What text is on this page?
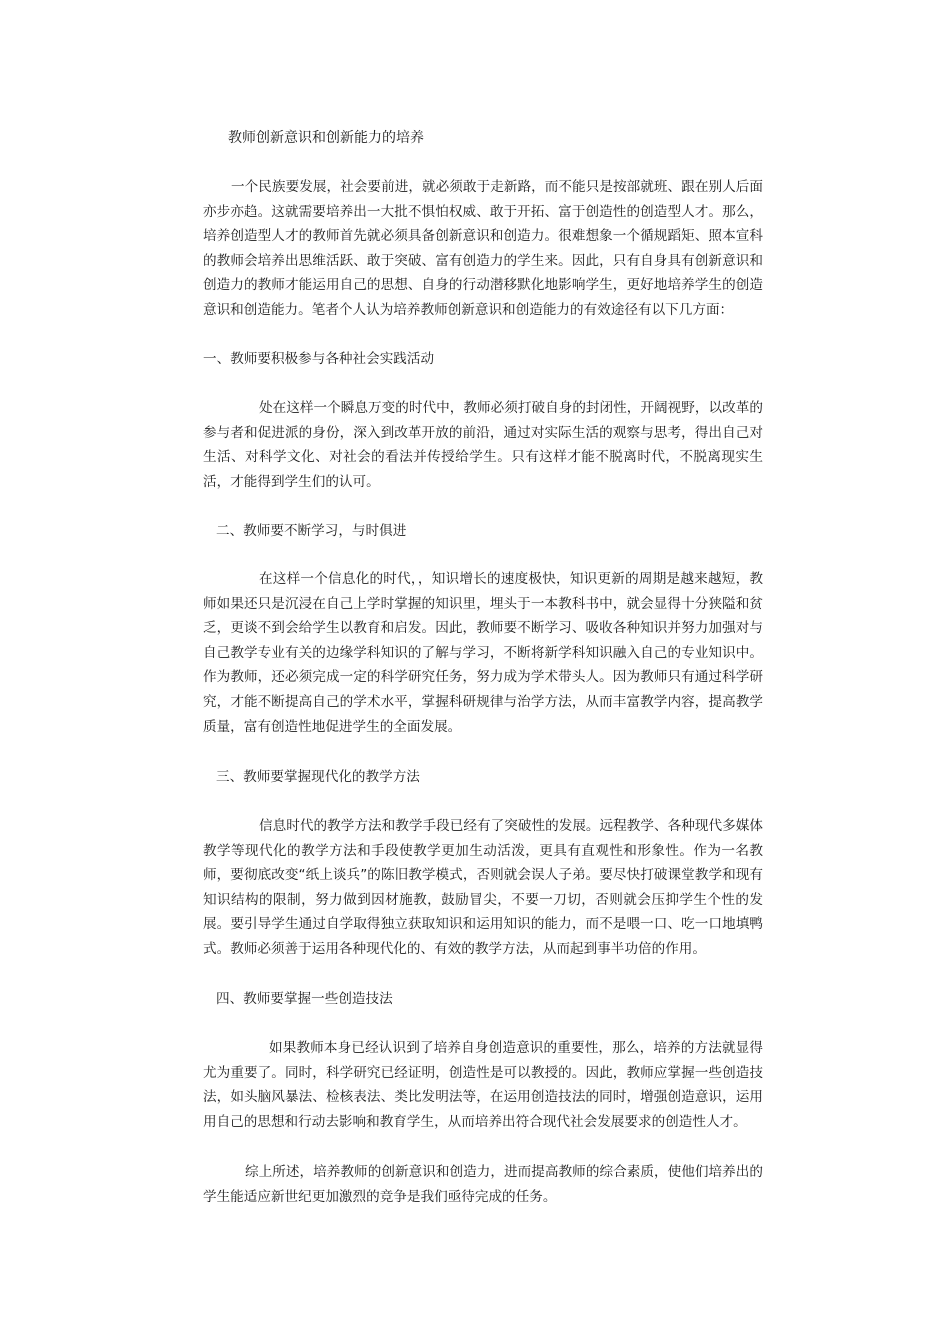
教师创新意识和创新能力的培养
一个民族要发展，社会要前进，就必须敢于走新路，而不能只是按部就班、跟在别人后面亦步亦趋。这就需要培养出一大批不惧怕权威、敢于开拓、富于创造性的创造型人才。那么，培养创造型人才的教师首先就必须具备创新意识和创造力。很难想象一个循规蹈矩、照本宣科的教师会培养出思维活跃、敢于突破、富有创造力的学生来。因此，只有自身具有创新意识和创造力的教师才能运用自己的思想、自身的行动潜移默化地影响学生，更好地培养学生的创造意识和创造能力。笔者个人认为培养教师创新意识和创造能力的有效途径有以下几方面：
一、教师要积极参与各种社会实践活动
处在这样一个瞬息万变的时代中，教师必须打破自身的封闭性，开阔视野，以改革的参与者和促进派的身份，深入到改革开放的前沿，通过对实际生活的观察与思考，得出自己对生活、对科学文化、对社会的看法并传授给学生。只有这样才能不脱离时代，不脱离现实生活，才能得到学生们的认可。
二、教师要不断学习，与时俱进
在这样一个信息化的时代，，知识增长的速度极快，知识更新的周期是越来越短，教师如果还只是沉浸在自己上学时掌握的知识里，埋头于一本教科书中，就会显得十分狭隘和贫乏，更谈不到会给学生以教育和启发。因此，教师要不断学习、吸收各种知识并努力加强对与自己教学专业有关的边缘学科知识的了解与学习，不断将新学科知识融入自己的专业知识中。作为教师，还必须完成一定的科学研究任务，努力成为学术带头人。因为教师只有通过科学研究，才能不断提高自己的学术水平，掌握科研规律与治学方法，从而丰富教学内容，提高教学质量，富有创造性地促进学生的全面发展。
三、教师要掌握现代化的教学方法
信息时代的教学方法和教学手段已经有了突破性的发展。远程教学、各种现代多媒体教学等现代化的教学方法和手段使教学更加生动活泼，更具有直观性和形象性。作为一名教师，要彻底改变“纸上谈兵”的陈旧教学模式，否则就会误人子弟。要尽快打破课堂教学和现有知识结构的限制，努力做到因材施教，鼓励冒尖，不要一刀切，否则就会压抑学生个性的发展。要引导学生通过自学取得独立获取知识和运用知识的能力，而不是喂一口、吃一口地填鸭式。教师必须善于运用各种现代化的、有效的教学方法，从而起到事半功倍的作用。
四、教师要掌握一些创造技法
如果教师本身已经认识到了培养自身创造意识的重要性，那么，培养的方法就显得尤为重要了。同时，科学研究已经证明，创造性是可以教授的。因此，教师应掌握一些创造技法，如头脑风暴法、检核表法、类比发明法等，在运用创造技法的同时，增强创造意识，运用用自己的思想和行动去影响和教育学生，从而培养出符合现代社会发展要求的创造性人才。
综上所述，培养教师的创新意识和创造力，进而提高教师的综合素质，使他们培养出的学生能适应新世纪更加激烈的竞争是我们亟待完成的任务。
